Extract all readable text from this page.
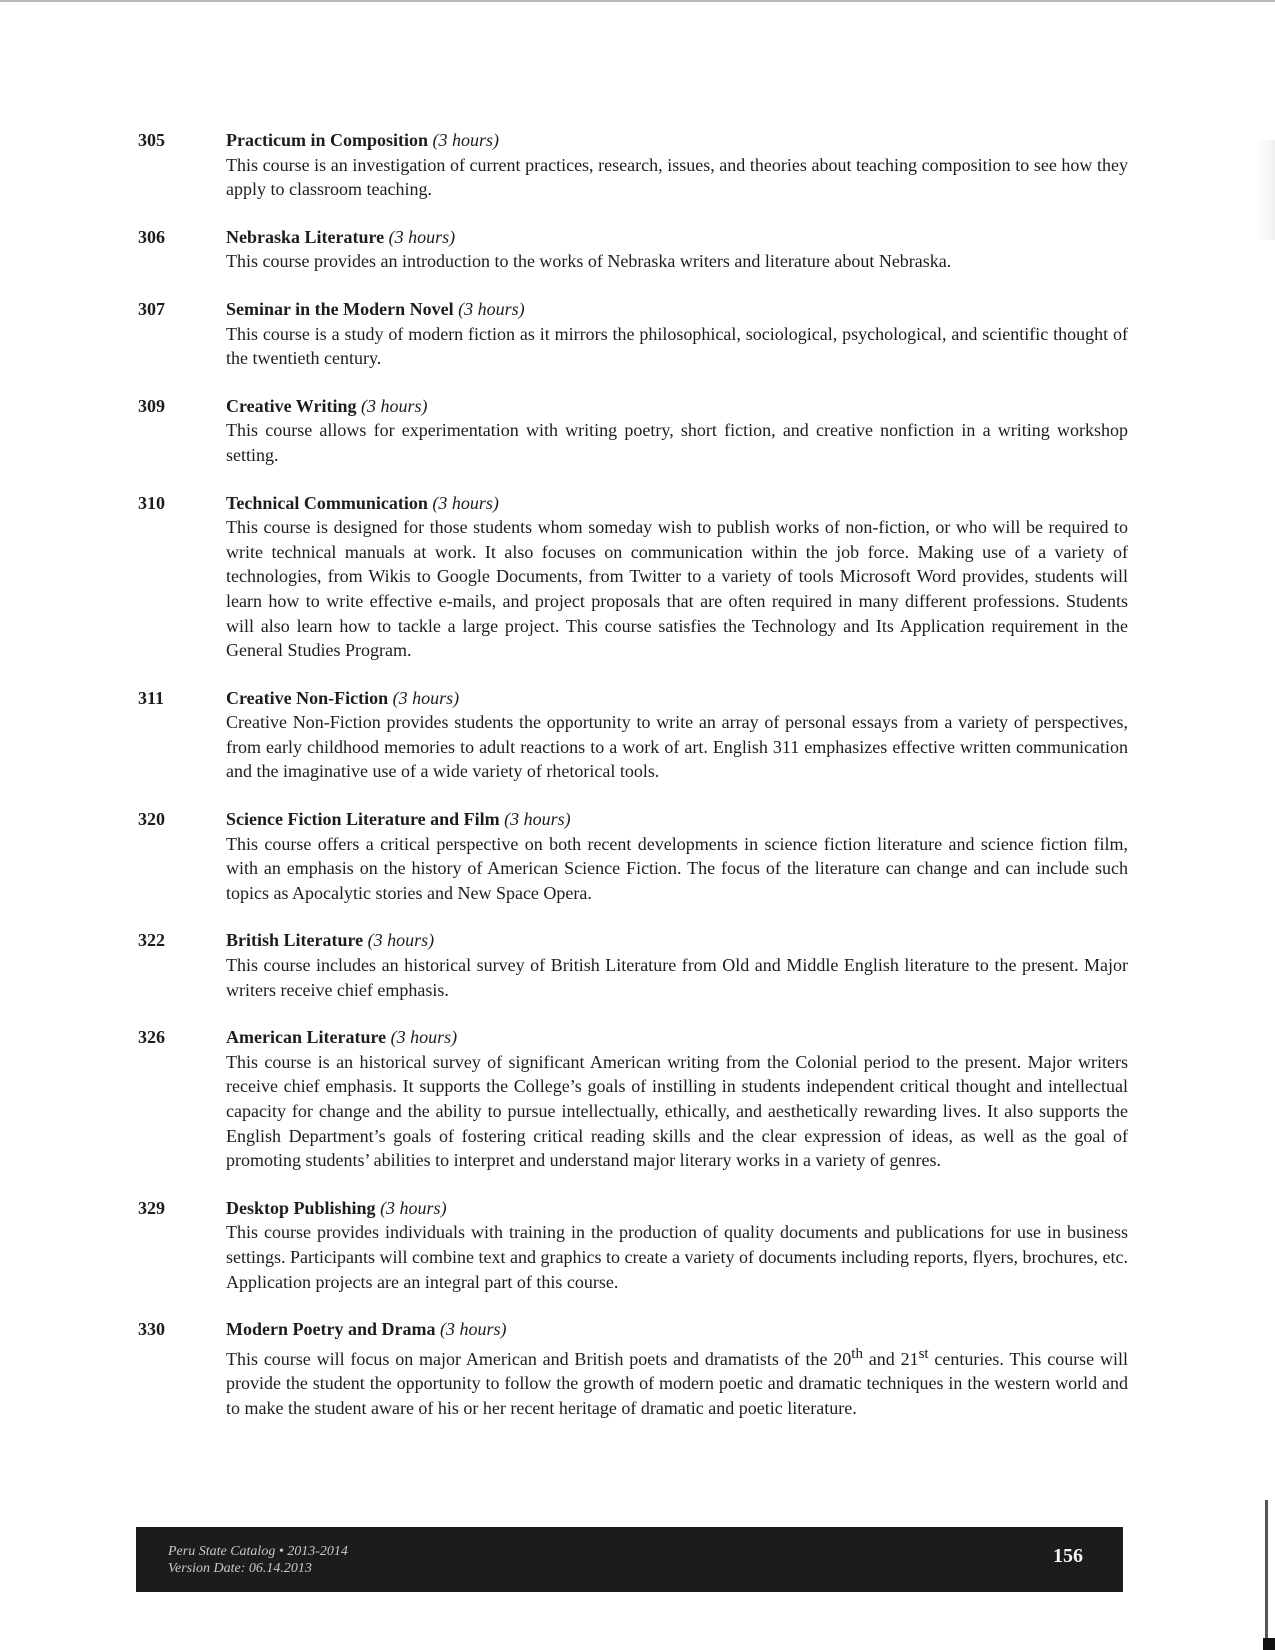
305	Practicum in Composition (3 hours)

This course is an investigation of current practices, research, issues, and theories about teaching composition to see how they apply to classroom teaching.

306	Nebraska Literature (3 hours)

This course provides an introduction to the works of Nebraska writers and literature about Nebraska.

307	Seminar in the Modern Novel (3 hours)

This course is a study of modern fiction as it mirrors the philosophical, sociological, psychological, and scientific thought of the twentieth century.

309	Creative Writing (3 hours)

This course allows for experimentation with writing poetry, short fiction, and creative nonfiction in a writing workshop setting.

310	Technical Communication (3 hours)

This course is designed for those students whom someday wish to publish works of non-fiction, or who will be required to write technical manuals at work. It also focuses on communication within the job force. Making use of a variety of technologies, from Wikis to Google Documents, from Twitter to a variety of tools Microsoft Word provides, students will learn how to write effective e-mails, and project proposals that are often required in many different professions. Students will also learn how to tackle a large project. This course satisfies the Technology and Its Application requirement in the General Studies Program.

311	Creative Non-Fiction (3 hours)

Creative Non-Fiction provides students the opportunity to write an array of personal essays from a variety of perspectives, from early childhood memories to adult reactions to a work of art. English 311 emphasizes effective written communication and the imaginative use of a wide variety of rhetorical tools.

320	Science Fiction Literature and Film (3 hours)

This course offers a critical perspective on both recent developments in science fiction literature and science fiction film, with an emphasis on the history of American Science Fiction. The focus of the literature can change and can include such topics as Apocalytic stories and New Space Opera.

322	British Literature (3 hours)

This course includes an historical survey of British Literature from Old and Middle English literature to the present. Major writers receive chief emphasis.

326	American Literature (3 hours)

This course is an historical survey of significant American writing from the Colonial period to the present. Major writers receive chief emphasis. It supports the College’s goals of instilling in students independent critical thought and intellectual capacity for change and the ability to pursue intellectually, ethically, and aesthetically rewarding lives. It also supports the English Department’s goals of fostering critical reading skills and the clear expression of ideas, as well as the goal of promoting students’ abilities to interpret and understand major literary works in a variety of genres.

329	Desktop Publishing (3 hours)

This course provides individuals with training in the production of quality documents and publications for use in business settings. Participants will combine text and graphics to create a variety of documents including reports, flyers, brochures, etc. Application projects are an integral part of this course.

330	Modern Poetry and Drama (3 hours)

This course will focus on major American and British poets and dramatists of the 20th and 21st centuries. This course will provide the student the opportunity to follow the growth of modern poetic and dramatic techniques in the western world and to make the student aware of his or her recent heritage of dramatic and poetic literature.

Peru State Catalog • 2013-2014
Version Date: 06.14.2013
156
